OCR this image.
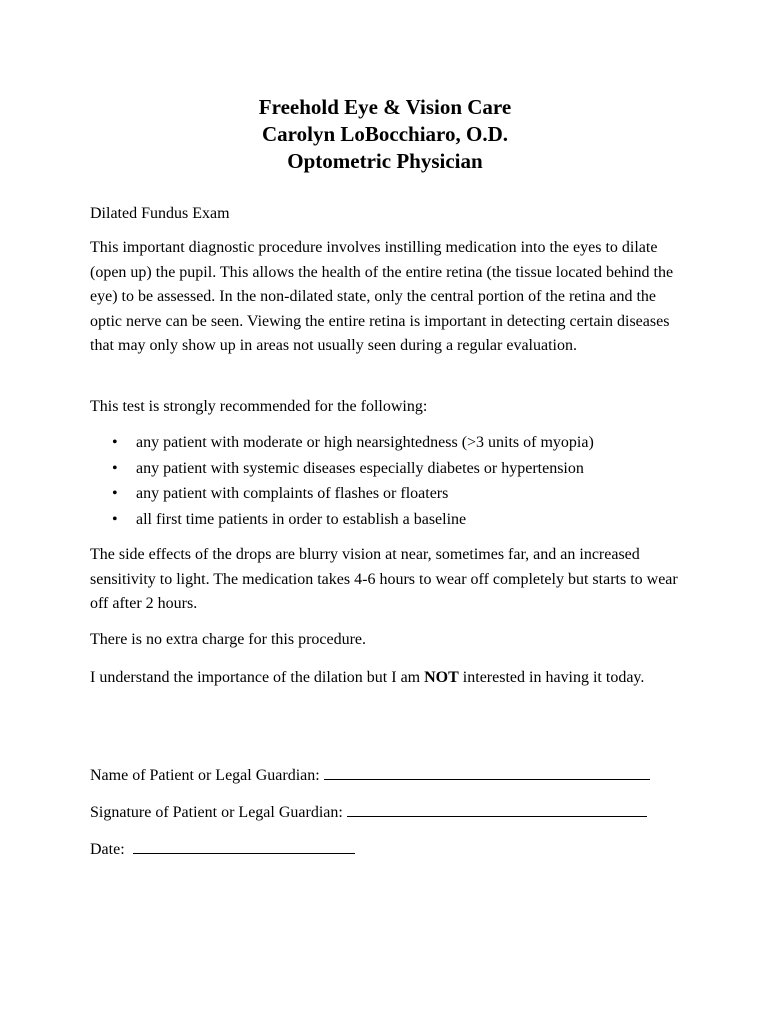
Freehold Eye & Vision Care
Carolyn LoBocchiaro, O.D.
Optometric Physician

Dilated Fundus Exam

This important diagnostic procedure involves instilling medication into the eyes to dilate (open up) the pupil. This allows the health of the entire retina (the tissue located behind the eye) to be assessed. In the non-dilated state, only the central portion of the retina and the optic nerve can be seen. Viewing the entire retina is important in detecting certain diseases that may only show up in areas not usually seen during a regular evaluation.

This test is strongly recommended for the following:

• any patient with moderate or high nearsightedness (>3 units of myopia)
• any patient with systemic diseases especially diabetes or hypertension
• any patient with complaints of flashes or floaters
• all first time patients in order to establish a baseline

The side effects of the drops are blurry vision at near, sometimes far, and an increased sensitivity to light. The medication takes 4-6 hours to wear off completely but starts to wear off after 2 hours.

There is no extra charge for this procedure.

I understand the importance of the dilation but I am NOT interested in having it today.

Name of Patient or Legal Guardian:
Signature of Patient or Legal Guardian:
Date:
